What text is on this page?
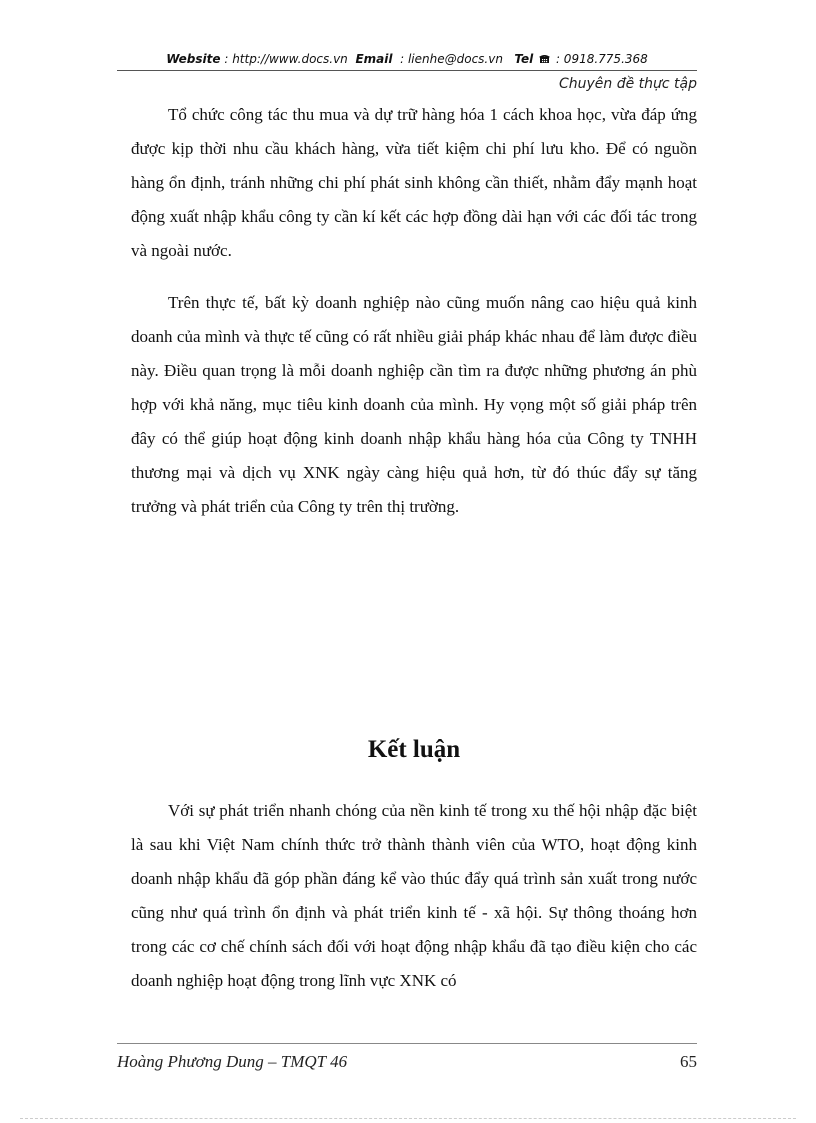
Website : http://www.docs.vn Email : lienhe@docs.vn Tel : 0918.775.368
Chuyên đề thực tập

Tổ chức công tác thu mua và dự trữ hàng hóa 1 cách khoa học, vừa đáp ứng được kịp thời nhu cầu khách hàng, vừa tiết kiệm chi phí lưu kho. Để có nguồn hàng ổn định, tránh những chi phí phát sinh không cần thiết, nhằm đẩy mạnh hoạt động xuất nhập khẩu công ty cần kí kết các hợp đồng dài hạn với các đối tác trong và ngoài nước.

Trên thực tế, bất kỳ doanh nghiệp nào cũng muốn nâng cao hiệu quả kinh doanh của mình và thực tế cũng có rất nhiều giải pháp khác nhau để làm được điều này. Điều quan trọng là mỗi doanh nghiệp cần tìm ra được những phương án phù hợp với khả năng, mục tiêu kinh doanh của mình. Hy vọng một số giải pháp trên đây có thể giúp hoạt động kinh doanh nhập khẩu hàng hóa của Công ty TNHH thương mại và dịch vụ XNK ngày càng hiệu quả hơn, từ đó thúc đẩy sự tăng trưởng và phát triển của Công ty trên thị trường.

Kết luận

Với sự phát triển nhanh chóng của nền kinh tế trong xu thế hội nhập đặc biệt là sau khi Việt Nam chính thức trở thành thành viên của WTO, hoạt động kinh doanh nhập khẩu đã góp phần đáng kể vào thúc đẩy quá trình sản xuất trong nước cũng như quá trình ổn định và phát triển kinh tế - xã hội. Sự thông thoáng hơn trong các cơ chế chính sách đối với hoạt động nhập khẩu đã tạo điều kiện cho các doanh nghiệp hoạt động trong lĩnh vực XNK có

Hoàng Phương Dung – TMQT 46	65
